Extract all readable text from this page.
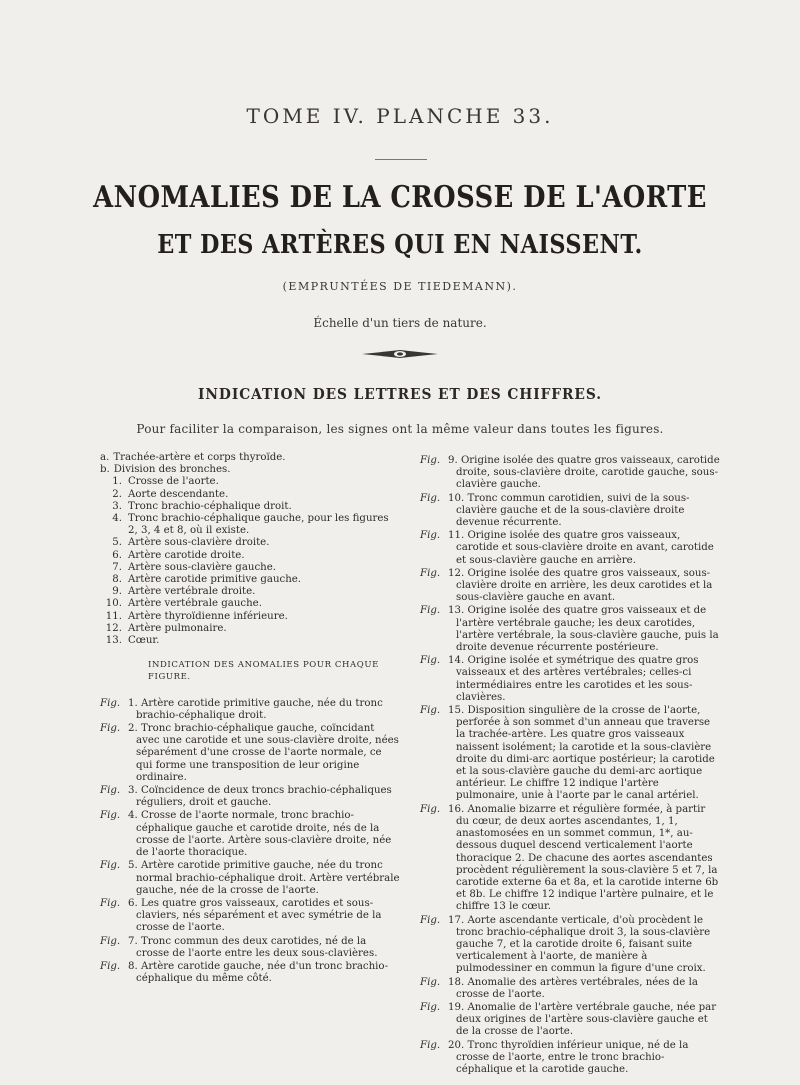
TOME IV. PLANCHE 33.
ANOMALIES DE LA CROSSE DE L'AORTE
ET DES ARTÈRES QUI EN NAISSENT.
(EMPRUNTÉES DE TIEDEMANN).
Échelle d'un tiers de nature.
INDICATION DES LETTRES ET DES CHIFFRES.
Pour faciliter la comparaison, les signes ont la même valeur dans toutes les figures.
a. Trachée-artère et corps thyroïde.
b. Division des bronches.
1. Crosse de l'aorte.
2. Aorte descendante.
3. Tronc brachio-céphalique droit.
4. Tronc brachio-céphalique gauche, pour les figures 2, 3, 4 et 8, où il existe.
5. Artère sous-clavière droite.
6. Artère carotide droite.
7. Artère sous-clavière gauche.
8. Artère carotide primitive gauche.
9. Artère vertébrale droite.
10. Artère vertébrale gauche.
11. Artère thyroïdienne inférieure.
12. Artère pulmonaire.
13. Cœur.
INDICATION DES ANOMALIES POUR CHAQUE FIGURE.
Fig. 1. Artère carotide primitive gauche, née du tronc brachio-céphalique droit.
Fig. 2. Tronc brachio-céphalique gauche, coïncidant avec une carotide et une sous-clavière droite, nées séparément d'une crosse de l'aorte normale, ce qui forme une transposition de leur origine ordinaire.
Fig. 3. Coïncidence de deux troncs brachio-céphaliques réguliers, droit et gauche.
Fig. 4. Crosse de l'aorte normale, tronc brachio-céphalique gauche et carotide droite, nés de la crosse de l'aorte. Artère sous-clavière droite, née de l'aorte thoracique.
Fig. 5. Artère carotide primitive gauche, née du tronc normal brachio-céphalique droit. Artère vertébrale gauche, née de la crosse de l'aorte.
Fig. 6. Les quatre gros vaisseaux, carotides et sous-claviers, nés séparément et avec symétrie de la crosse de l'aorte.
Fig. 7. Tronc commun des deux carotides, né de la crosse de l'aorte entre les deux sous-clavières.
Fig. 8. Artère carotide gauche, née d'un tronc brachio-céphalique du même côté.
Fig. 9. Origine isolée des quatre gros vaisseaux, carotide droite, sous-clavière droite, carotide gauche, sous-clavière gauche.
Fig. 10. Tronc commun carotidien, suivi de la sous-clavière gauche et de la sous-clavière droite devenue récurrente.
Fig. 11. Origine isolée des quatre gros vaisseaux, carotide et sous-clavière droite en avant, carotide et sous-clavière gauche en arrière.
Fig. 12. Origine isolée des quatre gros vaisseaux, sous-clavière droite en arrière, les deux carotides et la sous-clavière gauche en avant.
Fig. 13. Origine isolée des quatre gros vaisseaux et de l'artère vertébrale gauche; les deux carotides, l'artère vertébrale, la sous-clavière gauche, puis la droite devenue récurrente postérieure.
Fig. 14. Origine isolée et symétrique des quatre gros vaisseaux et des artères vertébrales; celles-ci intermédiaires entre les carotides et les sous-clavières.
Fig. 15. Disposition singulière de la crosse de l'aorte, perforée à son sommet d'un anneau que traverse la trachée-artère. Les quatre gros vaisseaux naissent isolément; la carotide et la sous-clavière droite du dimi-arc aortique postérieur; la carotide et la sous-clavière gauche du demi-arc aortique antérieur. Le chiffre 12 indique l'artère pulmonaire, unie à l'aorte par le canal artériel.
Fig. 16. Anomalie bizarre et régulière formée, à partir du cœur, de deux aortes ascendantes, 1, 1, anastomosées en un sommet commun, 1*, au-dessous duquel descend verticalement l'aorte thoracique 2. De chacune des aortes ascendantes procèdent régulièrement la sous-clavière 5 et 7, la carotide externe 6a et 8a, et la carotide interne 6b et 8b. Le chiffre 12 indique l'artère pulnaire, et le chiffre 13 le cœur.
Fig. 17. Aorte ascendante verticale, d'où procèdent le tronc brachio-céphalique droit 3, la sous-clavière gauche 7, et la carotide droite 6, faisant suite verticalement à l'aorte, de manière à pulmodessiner en commun la figure d'une croix.
Fig. 18. Anomalie des artères vertébrales, nées de la crosse de l'aorte.
Fig. 19. Anomalie de l'artère vertébrale gauche, née par deux origines de l'artère sous-clavière gauche et de la crosse de l'aorte.
Fig. 20. Tronc thyroïdien inférieur unique, né de la crosse de l'aorte, entre le tronc brachio-céphalique et la carotide gauche.
